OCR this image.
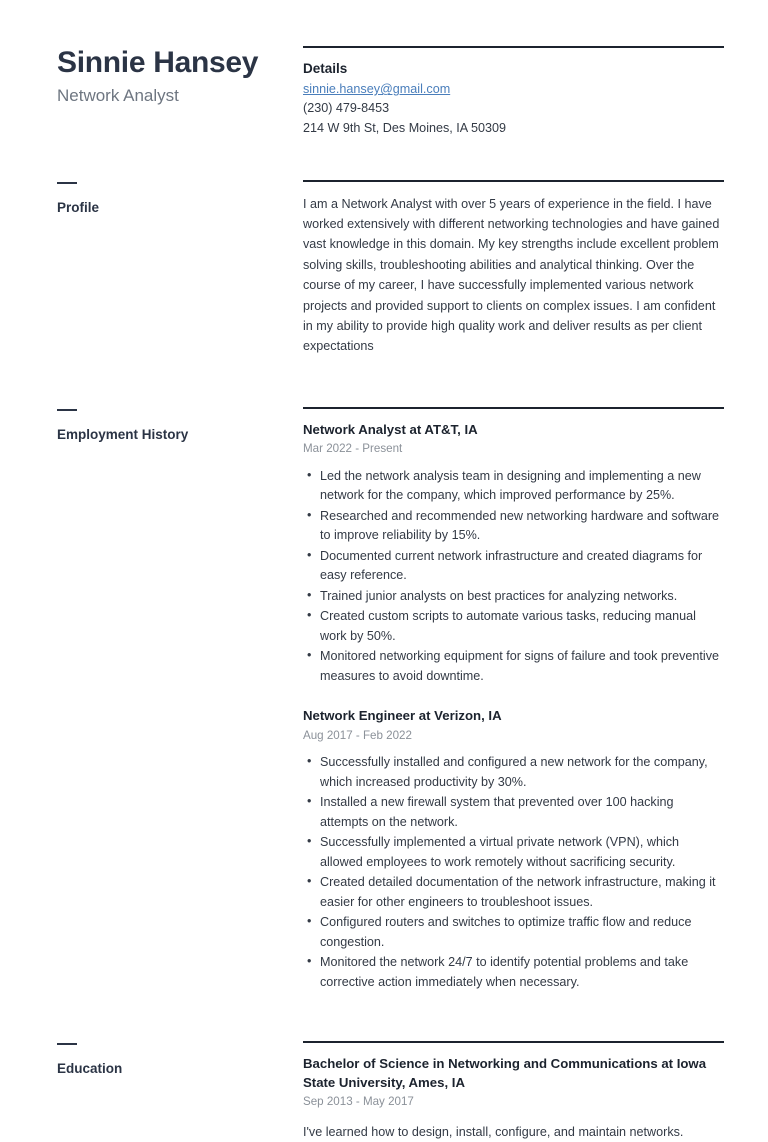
Sinnie Hansey
Network Analyst
Details
sinnie.hansey@gmail.com
(230) 479-8453
214 W 9th St, Des Moines, IA 50309
Profile	I am a Network Analyst with over 5 years of experience in the field. I have worked extensively with different networking technologies and have gained vast knowledge in this domain. My key strengths include excellent problem solving skills, troubleshooting abilities and analytical thinking. Over the course of my career, I have successfully implemented various network projects and provided support to clients on complex issues. I am confident in my ability to provide high quality work and deliver results as per client expectations

Employment History	Network Analyst at AT&T, IA
Mar 2022 - Present
• Led the network analysis team in designing and implementing a new network for the company, which improved performance by 25%.
• Researched and recommended new networking hardware and software to improve reliability by 15%.
• Documented current network infrastructure and created diagrams for easy reference.
• Trained junior analysts on best practices for analyzing networks.
• Created custom scripts to automate various tasks, reducing manual work by 50%.
• Monitored networking equipment for signs of failure and took preventive measures to avoid downtime.
Network Engineer at Verizon, IA
Aug 2017 - Feb 2022
• Successfully installed and configured a new network for the company, which increased productivity by 30%.
• Installed a new firewall system that prevented over 100 hacking attempts on the network.
• Successfully implemented a virtual private network (VPN), which allowed employees to work remotely without sacrificing security.
• Created detailed documentation of the network infrastructure, making it easier for other engineers to troubleshoot issues.
• Configured routers and switches to optimize traffic flow and reduce congestion.
• Monitored the network 24/7 to identify potential problems and take corrective action immediately when necessary.
Education	Bachelor of Science in Networking and Communications at Iowa State University, Ames, IA
Sep 2013 - May 2017
I've learned how to design, install, configure, and maintain networks.
